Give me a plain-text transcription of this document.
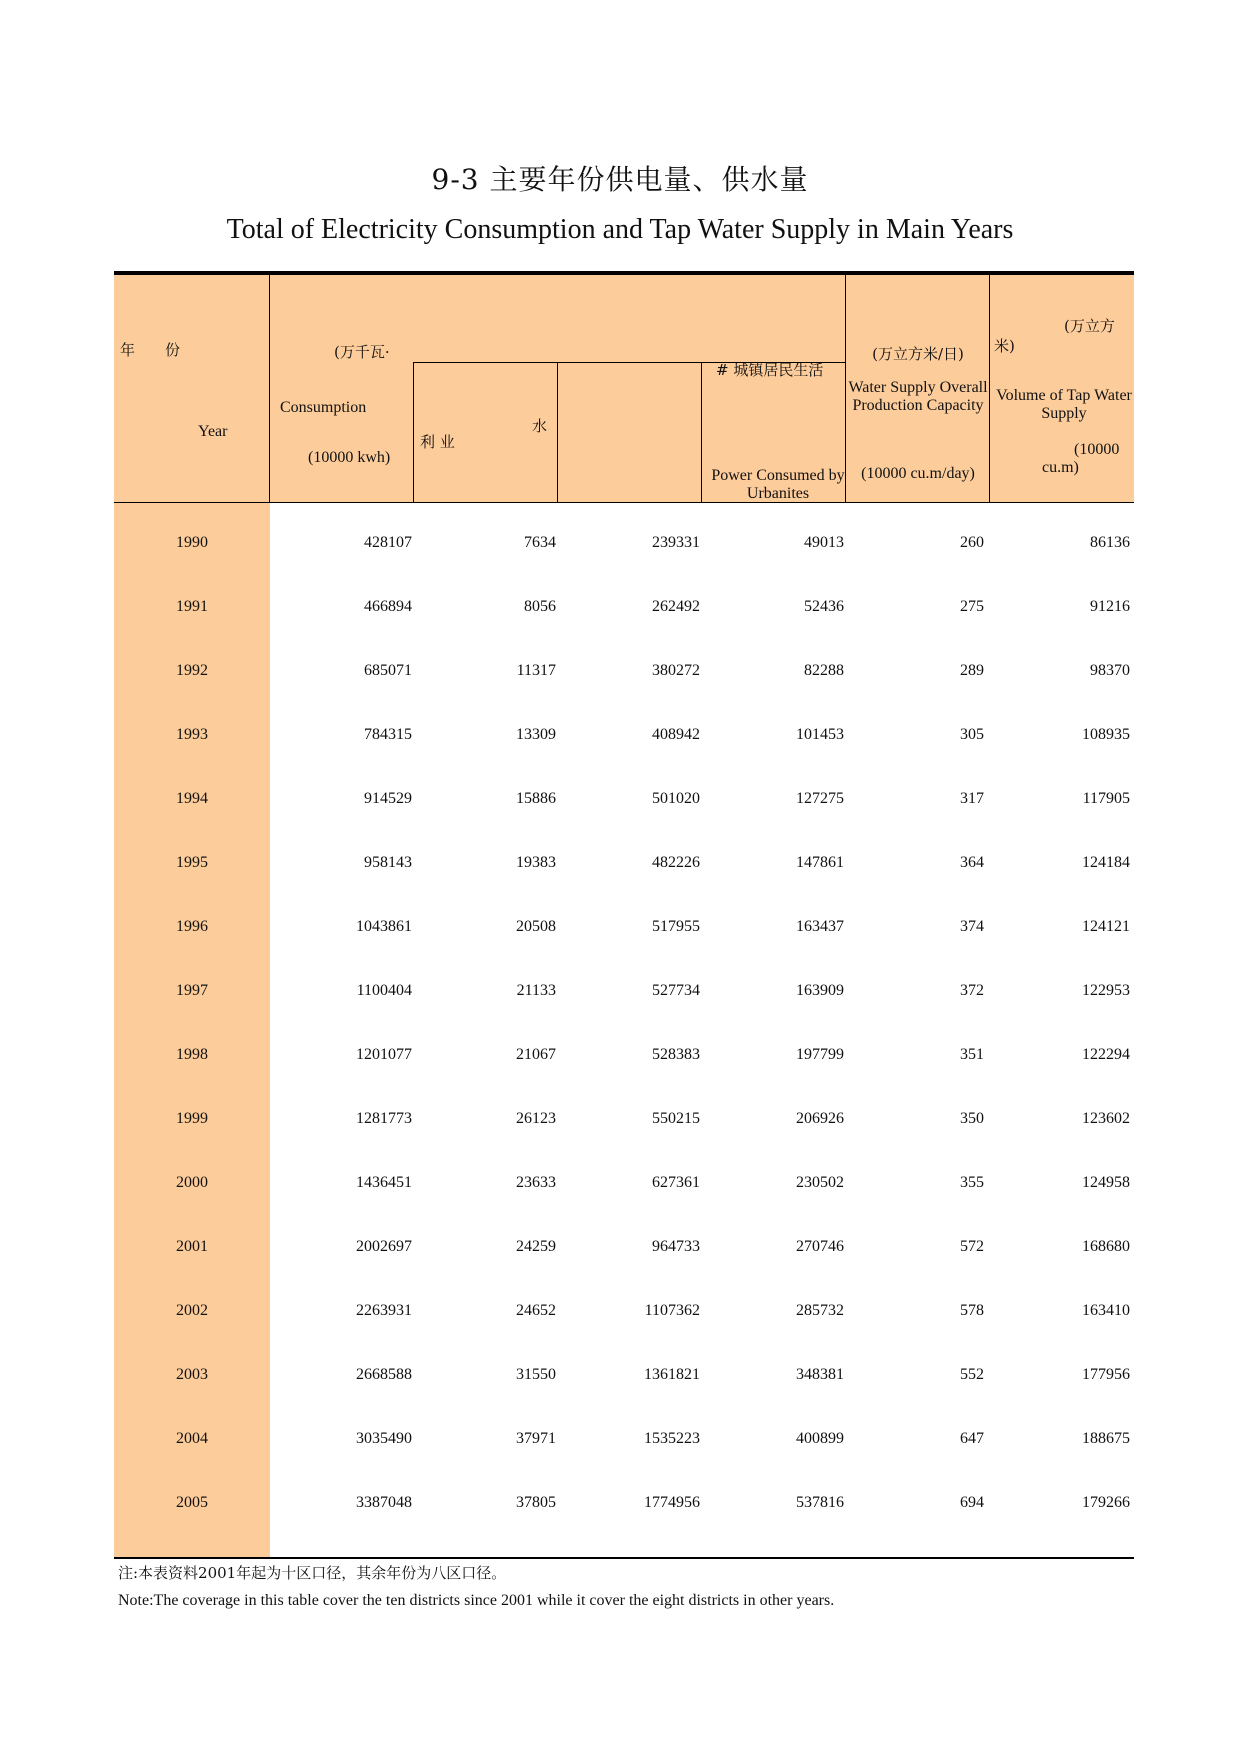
9-3 主要年份供电量、供水量
Total of Electricity Consumption and Tap Water Supply in Main Years
年　　份
Year
(万千瓦·
Consumption
(10000 kwh)
水
利 业
# 城镇居民生活
Power Consumed by Urbanites
(万立方米/日)
Water Supply Overall Production Capacity
(10000 cu.m/day)
(万立方
米)
Volume of Tap Water Supply
(10000
cu.m)
1990	428107	7634	239331	49013	260	86136
1991	466894	8056	262492	52436	275	91216
1992	685071	11317	380272	82288	289	98370
1993	784315	13309	408942	101453	305	108935
1994	914529	15886	501020	127275	317	117905
1995	958143	19383	482226	147861	364	124184
1996	1043861	20508	517955	163437	374	124121
1997	1100404	21133	527734	163909	372	122953
1998	1201077	21067	528383	197799	351	122294
1999	1281773	26123	550215	206926	350	123602
2000	1436451	23633	627361	230502	355	124958
2001	2002697	24259	964733	270746	572	168680
2002	2263931	24652	1107362	285732	578	163410
2003	2668588	31550	1361821	348381	552	177956
2004	3035490	37971	1535223	400899	647	188675
2005	3387048	37805	1774956	537816	694	179266
注:本表资料2001年起为十区口径，其余年份为八区口径。
Note:The coverage in this table cover the ten districts since 2001 while it cover the eight districts in other years.
